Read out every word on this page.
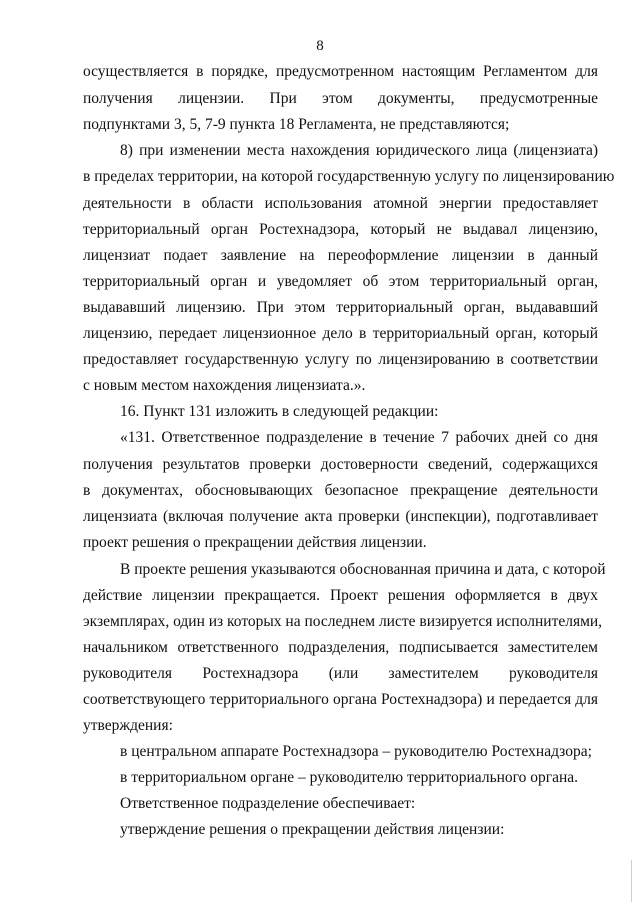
8

осуществляется в порядке, предусмотренном настоящим Регламентом для

получения лицензии. При этом документы, предусмотренные

подпунктами 3, 5, 7-9 пункта 18 Регламента, не представляются;

8) при изменении места нахождения юридического лица (лицензиата)

в пределах территории, на которой государственную услугу по лицензированию

деятельности в области использования атомной энергии предоставляет

территориальный орган Ростехнадзора, который не выдавал лицензию,

лицензиат подает заявление на переоформление лицензии в данный

территориальный орган и уведомляет об этом территориальный орган,

выдававший лицензию. При этом территориальный орган, выдававший

лицензию, передает лицензионное дело в территориальный орган, который

предоставляет государственную услугу по лицензированию в соответствии

с новым местом нахождения лицензиата.».

16. Пункт 131 изложить в следующей редакции:

«131. Ответственное подразделение в течение 7 рабочих дней со дня

получения результатов проверки достоверности сведений, содержащихся

в документах, обосновывающих безопасное прекращение деятельности

лицензиата (включая получение акта проверки (инспекции), подготавливает

проект решения о прекращении действия лицензии.

В проекте решения указываются обоснованная причина и дата, с которой

действие лицензии прекращается. Проект решения оформляется в двух

экземплярах, один из которых на последнем листе визируется исполнителями,

начальником ответственного подразделения, подписывается заместителем

руководителя Ростехнадзора (или заместителем руководителя

соответствующего территориального органа Ростехнадзора) и передается для

утверждения:

в центральном аппарате Ростехнадзора – руководителю Ростехнадзора;

в территориальном органе – руководителю территориального органа.

Ответственное подразделение обеспечивает:

утверждение решения о прекращении действия лицензии:
